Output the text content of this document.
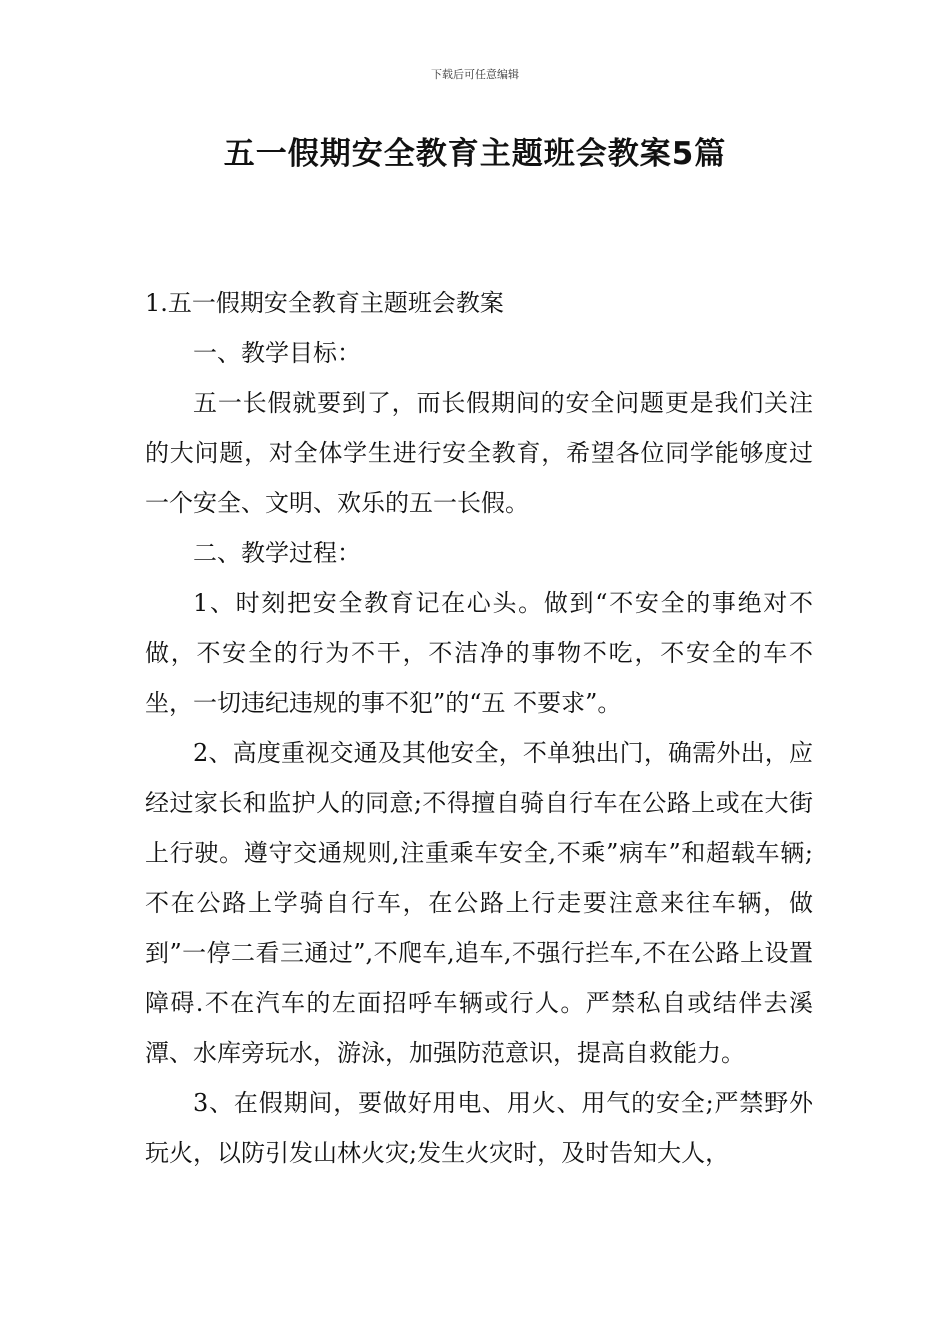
下载后可任意编辑
五一假期安全教育主题班会教案5篇

1.五一假期安全教育主题班会教案

一、教学目标：

五一长假就要到了，而长假期间的安全问题更是我们关注的大问题，对全体学生进行安全教育，希望各位同学能够度过一个安全、文明、欢乐的五一长假。

二、教学过程：

1、时刻把安全教育记在心头。做到“不安全的事绝对不做，不安全的行为不干，不洁净的事物不吃，不安全的车不坐，一切违纪违规的事不犯”的“五 不要求”。

2、高度重视交通及其他安全，不单独出门，确需外出，应经过家长和监护人的同意;不得擅自骑自行车在公路上或在大街上行驶。遵守交通规则,注重乘车安全,不乘”病车”和超载车辆;不在公路上学骑自行车，在公路上行走要注意来往车辆，做到”一停二看三通过”,不爬车,追车,不强行拦车,不在公路上设置障碍.不在汽车的左面招呼车辆或行人。严禁私自或结伴去溪潭、水库旁玩水，游泳，加强防范意识，提高自救能力。

3、在假期间，要做好用电、用火、用气的安全;严禁野外玩火，以防引发山林火灾;发生火灾时，及时告知大人，
